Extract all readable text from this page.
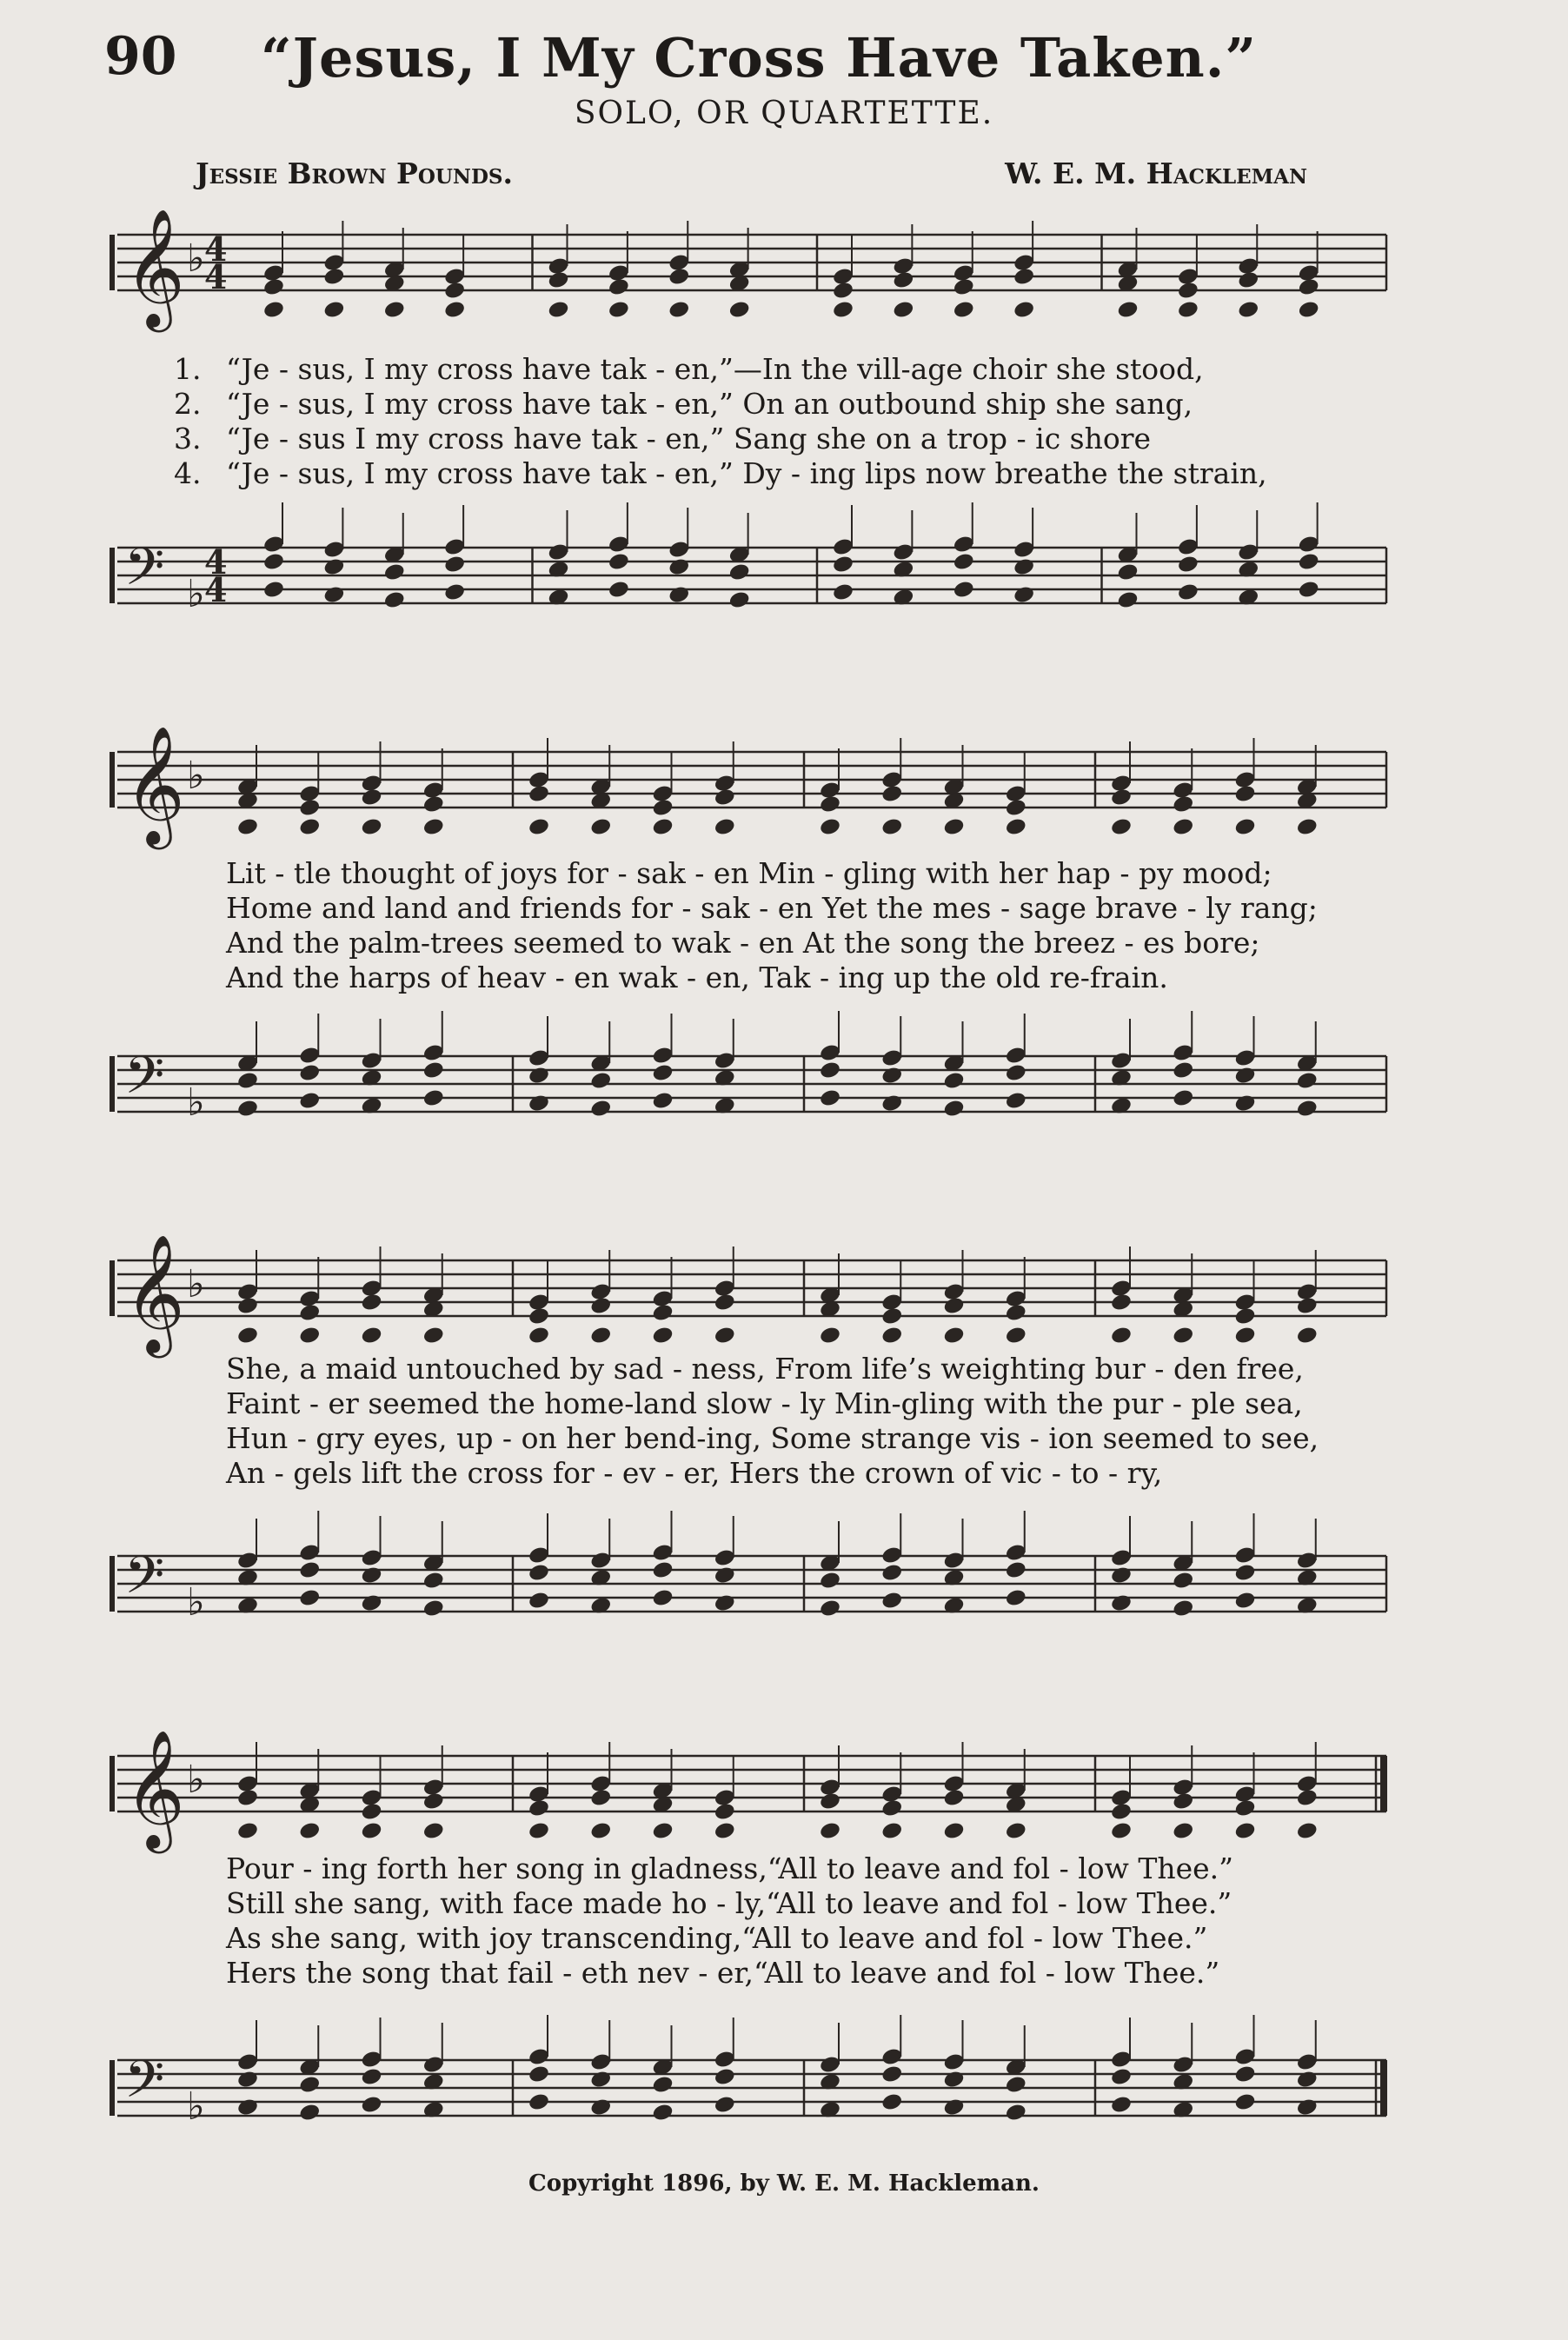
90 “Jesus, I My Cross Have Taken.”
SOLO, OR QUARTETTE.
Jessie Brown Pounds.	W. E. M. Hackleman
𝄞 ♭ 4
4
1. “Je - sus, I my cross have tak - en,”—In the vill-age choir she stood,
2. “Je - sus, I my cross have tak - en,” On an outbound ship she sang,
3. “Je - sus I my cross have tak - en,” Sang she on a trop - ic shore
4. “Je - sus, I my cross have tak - en,” Dy - ing lips now breathe the strain,
𝄢 ♭
4
4
𝄞 ♭
Lit - tle thought of joys for - sak - en Min - gling with her hap - py mood;
Home and land and friends for - sak - en Yet the mes - sage brave - ly rang;
And the palm-trees seemed to wak - en At the song the breez - es bore;
And the harps of heav - en wak - en, Tak - ing up the old re-frain.
𝄢 ♭
𝄞 ♭
She, a maid untouched by sad - ness, From life’s weighting bur - den free,
Faint - er seemed the home-land slow - ly Min-gling with the pur - ple sea,
Hun - gry eyes, up - on her bend-ing, Some strange vis - ion seemed to see,
An - gels lift the cross for - ev - er, Hers the crown of vic - to - ry,
𝄢 ♭
𝄞 ♭
Pour - ing forth her song in gladness,“All to leave and fol - low Thee.”
Still she sang, with face made ho - ly,“All to leave and fol - low Thee.”
As she sang, with joy transcending,“All to leave and fol - low Thee.”
Hers the song that fail - eth nev - er,“All to leave and fol - low Thee.”
𝄢 ♭
Copyright 1896, by W. E. M. Hackleman.
